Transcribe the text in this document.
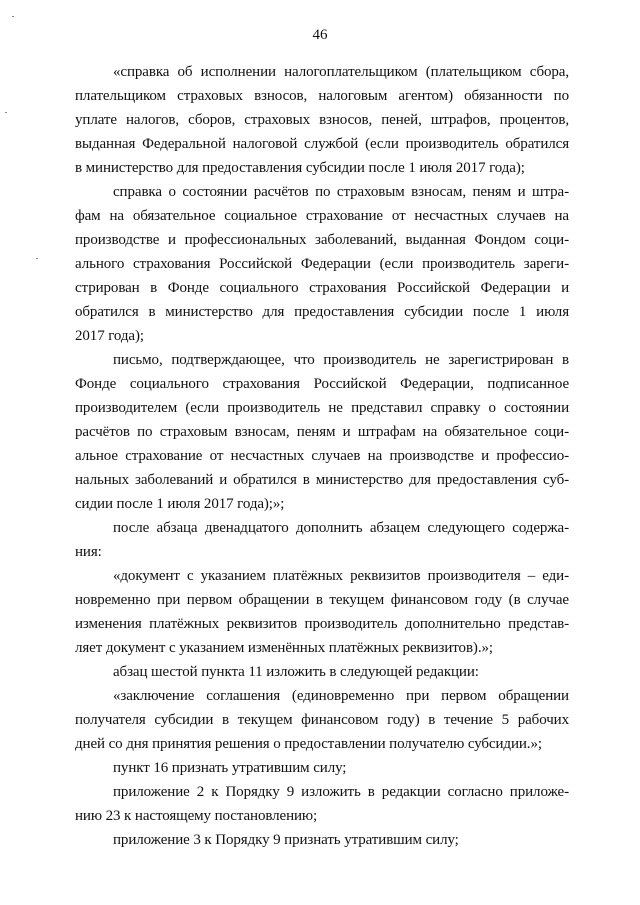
46
«справка об исполнении налогоплательщиком (плательщиком сбора,
плательщиком страховых взносов, налоговым агентом) обязанности по
уплате налогов, сборов, страховых взносов, пеней, штрафов, процентов,
выданная Федеральной налоговой службой (если производитель обратился
в министерство для предоставления субсидии после 1 июля 2017 года);
справка о состоянии расчётов по страховым взносам, пеням и штра-
фам на обязательное социальное страхование от несчастных случаев на
производстве и профессиональных заболеваний, выданная Фондом соци-
ального страхования Российской Федерации (если производитель зареги-
стрирован в Фонде социального страхования Российской Федерации и
обратился в министерство для предоставления субсидии после 1 июля
2017 года);
письмо, подтверждающее, что производитель не зарегистрирован в
Фонде социального страхования Российской Федерации, подписанное
производителем (если производитель не представил справку о состоянии
расчётов по страховым взносам, пеням и штрафам на обязательное соци-
альное страхование от несчастных случаев на производстве и профессио-
нальных заболеваний и обратился в министерство для предоставления суб-
сидии после 1 июля 2017 года);»;
после абзаца двенадцатого дополнить абзацем следующего содержа-
ния:
«документ с указанием платёжных реквизитов производителя – еди-
новременно при первом обращении в текущем финансовом году (в случае
изменения платёжных реквизитов производитель дополнительно представ-
ляет документ с указанием изменённых платёжных реквизитов).»;
абзац шестой пункта 11 изложить в следующей редакции:
«заключение соглашения (единовременно при первом обращении
получателя субсидии в текущем финансовом году) в течение 5 рабочих
дней со дня принятия решения о предоставлении получателю субсидии.»;
пункт 16 признать утратившим силу;
приложение 2 к Порядку 9 изложить в редакции согласно приложе-
нию 23 к настоящему постановлению;
приложение 3 к Порядку 9 признать утратившим силу;
